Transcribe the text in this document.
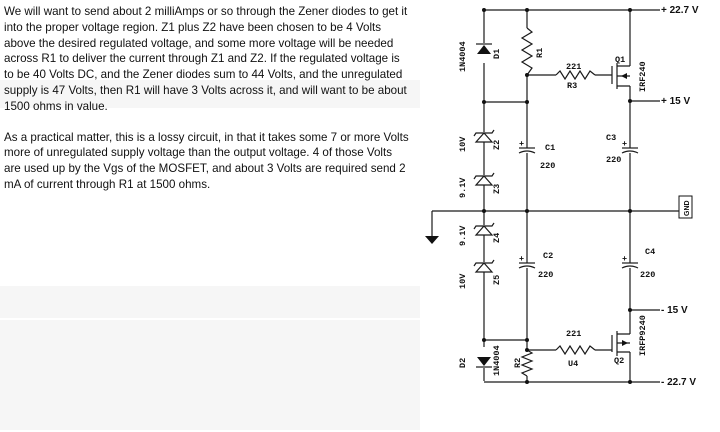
We will want to send about 2 milliAmps or so through the Zener diodes to get it into the proper voltage region. Z1 plus Z2 have been chosen to be 4 Volts above the desired regulated voltage, and some more voltage will be needed across R1 to deliver the current through Z1 and Z2. If the regulated voltage is to be 40 Volts DC, and the Zener diodes sum to 44 Volts, and the unregulated supply is 47 Volts, then R1 will have 3 Volts across it, and will want to be about 1500 ohms in value.

As a practical matter, this is a lossy circuit, in that it takes some 7 or more Volts more of unregulated supply voltage than the output voltage. 4 of those Volts are used up by the Vgs of the MOSFET, and about 3 Volts are required send 2 mA of current through R1 at 1500 ohms.

GND
+ 22.7 V
+ 15 V
- 15 V
- 22.7 V
1N4004	D1	R1
221
R3
Q1
IRF240
+ C1
220
+
C3
220
10V	Z2
9.1V	Z3
9.1V	Z4
10V	Z5
+ C2
220
+
C4
220
221
U4	Q2
IRFP9240
R2
D2	1N4004
